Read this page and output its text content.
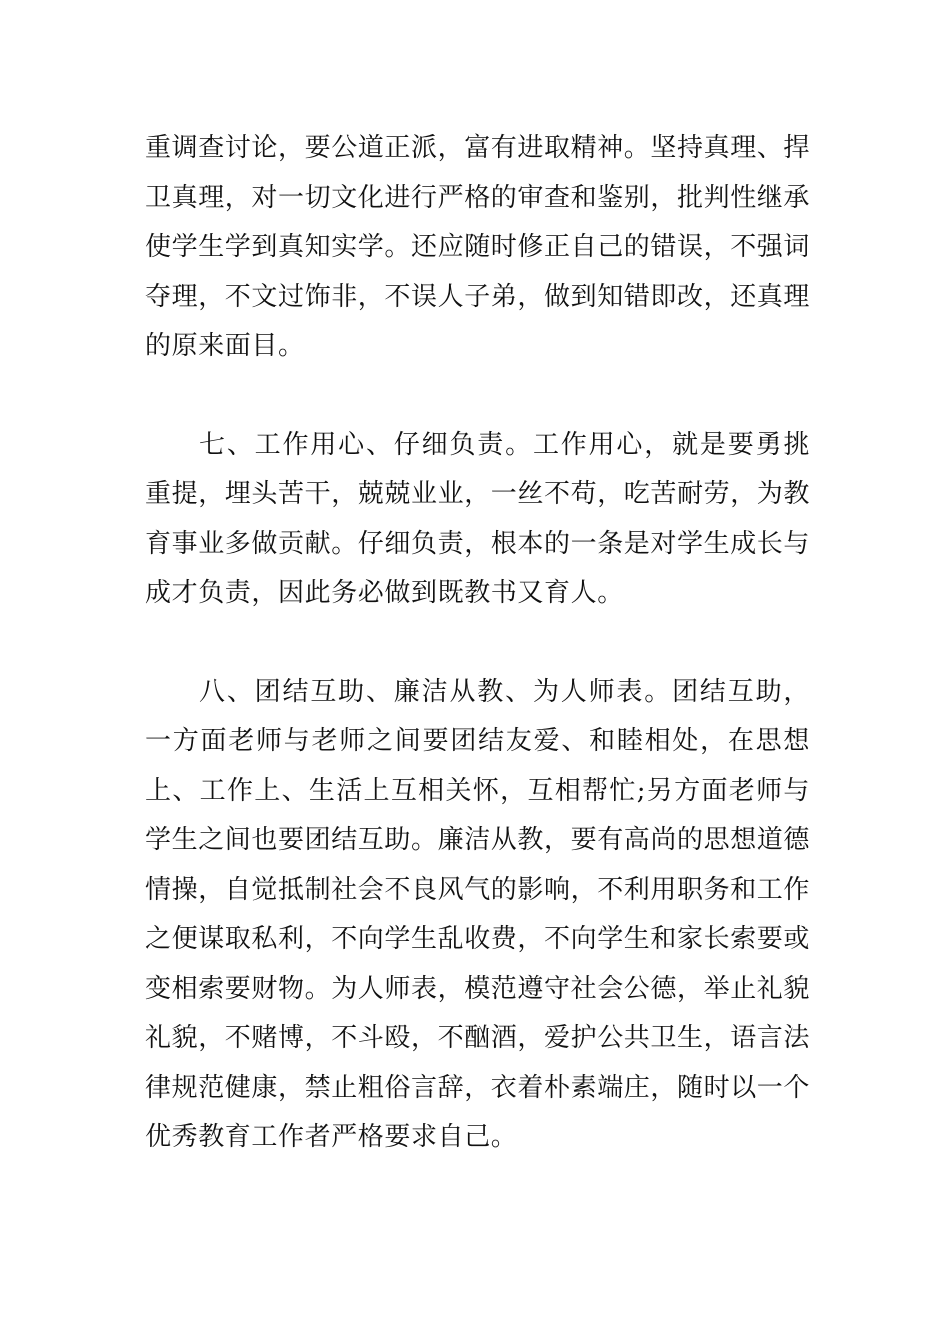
重调查讨论，要公道正派，富有进取精神。坚持真理、捍卫真理，对一切文化进行严格的审查和鉴别，批判性继承使学生学到真知实学。还应随时修正自己的错误，不强词夺理，不文过饰非，不误人子弟，做到知错即改，还真理的原来面目。

七、工作用心、仔细负责。工作用心，就是要勇挑重提，埋头苦干，兢兢业业，一丝不苟，吃苦耐劳，为教育事业多做贡献。仔细负责，根本的一条是对学生成长与成才负责，因此务必做到既教书又育人。

八、团结互助、廉洁从教、为人师表。团结互助，一方面老师与老师之间要团结友爱、和睦相处，在思想上、工作上、生活上互相关怀，互相帮忙;另方面老师与学生之间也要团结互助。廉洁从教，要有高尚的思想道德情操，自觉抵制社会不良风气的影响，不利用职务和工作之便谋取私利，不向学生乱收费，不向学生和家长索要或变相索要财物。为人师表，模范遵守社会公德，举止礼貌礼貌，不赌博，不斗殴，不酗酒，爱护公共卫生，语言法律规范健康，禁止粗俗言辞，衣着朴素端庄，随时以一个优秀教育工作者严格要求自己。
